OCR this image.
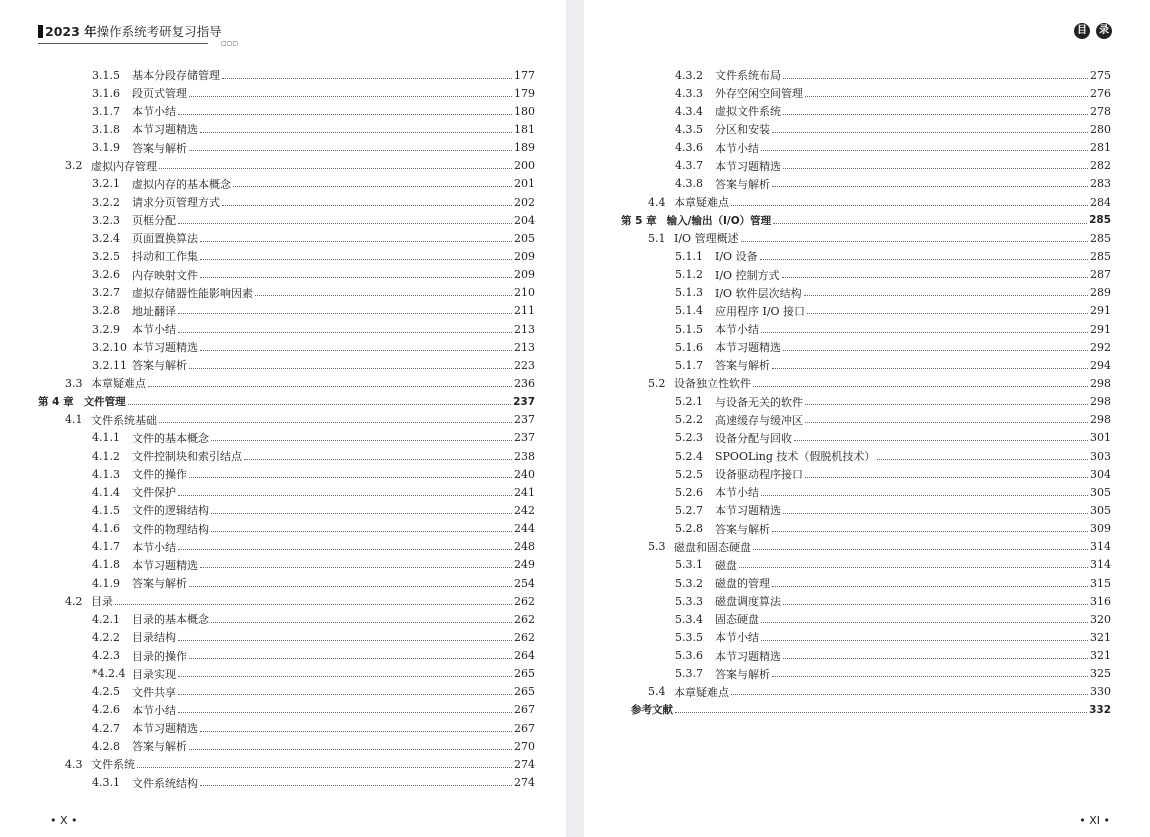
2023 年操作系统考研复习指导
▢▢▢
3.1.5	基本分段存储管理	177
3.1.6	段页式管理	179
3.1.7	本节小结	180
3.1.8	本节习题精选	181
3.1.9	答案与解析	189
3.2 虚拟内存管理	200
3.2.1	虚拟内存的基本概念	201
3.2.2	请求分页管理方式	202
3.2.3	页框分配	204
3.2.4	页面置换算法	205
3.2.5	抖动和工作集	209
3.2.6	内存映射文件	209
3.2.7	虚拟存储器性能影响因素	210
3.2.8	地址翻译	211
3.2.9	本节小结	213
3.2.10 本节习题精选	213
3.2.11 答案与解析	223
3.3 本章疑难点	236
第 4 章 文件管理	237
4.1 文件系统基础	237
4.1.1	文件的基本概念	237
4.1.2	文件控制块和索引结点	238
4.1.3	文件的操作	240
4.1.4	文件保护	241
4.1.5	文件的逻辑结构	242
4.1.6	文件的物理结构	244
4.1.7	本节小结	248
4.1.8	本节习题精选	249
4.1.9	答案与解析	254
4.2 目录	262
4.2.1	目录的基本概念	262
4.2.2	目录结构	262
4.2.3	目录的操作	264
*4.2.4 目录实现	265
4.2.5	文件共享	265
4.2.6	本节小结	267
4.2.7	本节习题精选	267
4.2.8	答案与解析	270
4.3 文件系统	274
4.3.1	文件系统结构	274
• X •
目 录
4.3.2	文件系统布局	275
4.3.3	外存空闲空间管理	276
4.3.4	虚拟文件系统	278
4.3.5	分区和安装	280
4.3.6	本节小结	281
4.3.7	本节习题精选	282
4.3.8	答案与解析	283
4.4 本章疑难点	284
第 5 章 输入/输出（I/O）管理	285
5.1 I/O 管理概述	285
5.1.1	I/O 设备	285
5.1.2	I/O 控制方式	287
5.1.3	I/O 软件层次结构	289
5.1.4	应用程序 I/O 接口	291
5.1.5	本节小结	291
5.1.6	本节习题精选	292
5.1.7	答案与解析	294
5.2 设备独立性软件	298
5.2.1	与设备无关的软件	298
5.2.2	高速缓存与缓冲区	298
5.2.3	设备分配与回收	301
5.2.4	SPOOLing 技术（假脱机技术）	303
5.2.5	设备驱动程序接口	304
5.2.6	本节小结	305
5.2.7	本节习题精选	305
5.2.8	答案与解析	309
5.3 磁盘和固态硬盘	314
5.3.1	磁盘	314
5.3.2	磁盘的管理	315
5.3.3	磁盘调度算法	316
5.3.4	固态硬盘	320
5.3.5	本节小结	321
5.3.6	本节习题精选	321
5.3.7	答案与解析	325
5.4 本章疑难点	330
参考文献	332
• XI •
